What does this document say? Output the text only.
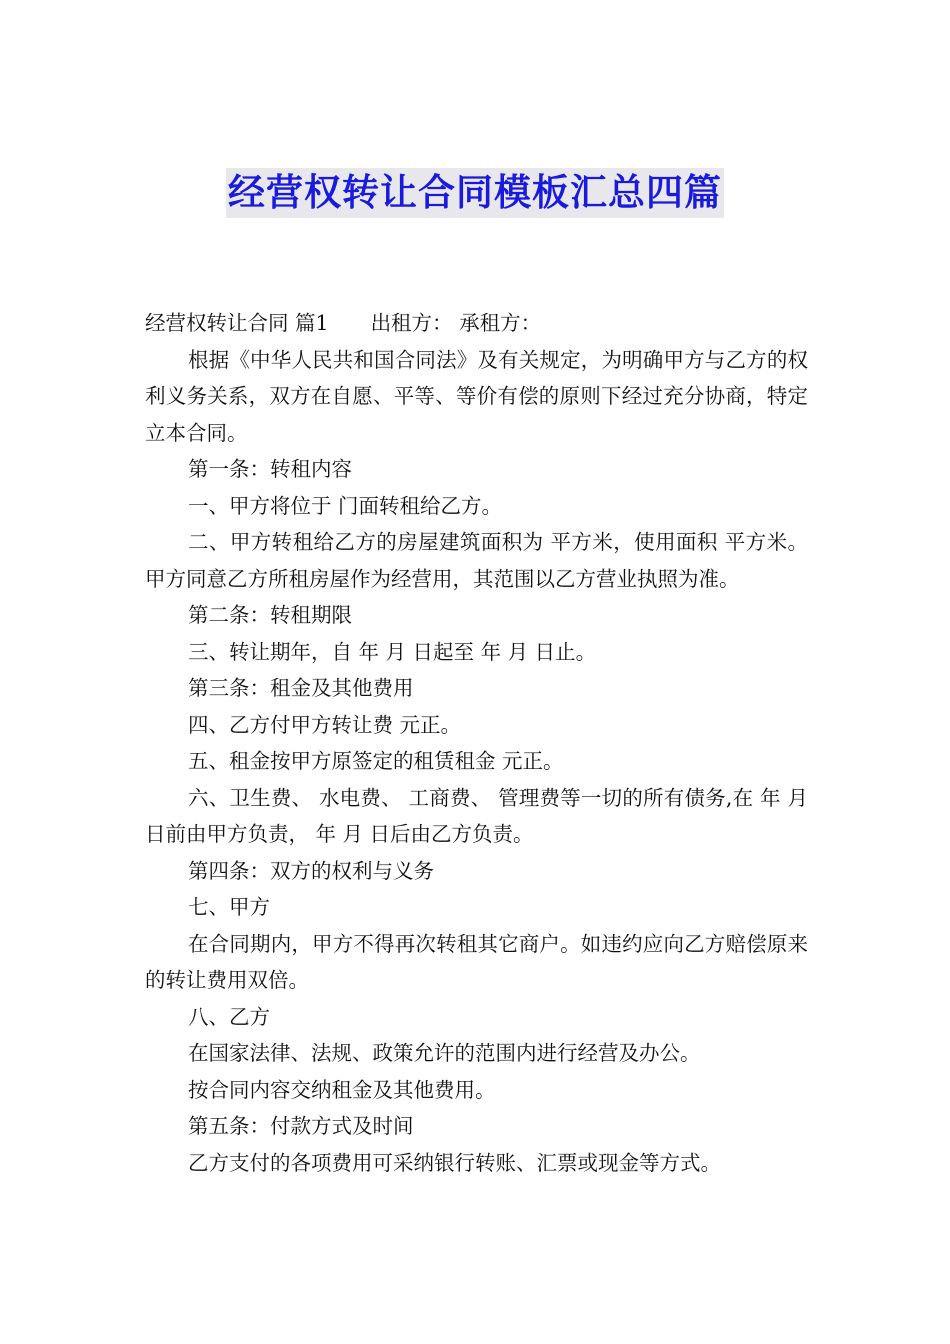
经营权转让合同模板汇总四篇

经营权转让合同 篇1 出租方： 承租方：

根据《中华人民共和国合同法》及有关规定，为明确甲方与乙方的权利义务关系，双方在自愿、平等、等价有偿的原则下经过充分协商，特定立本合同。

第一条：转租内容

一、甲方将位于 门面转租给乙方。

二、甲方转租给乙方的房屋建筑面积为 平方米，使用面积 平方米。甲方同意乙方所租房屋作为经营用，其范围以乙方营业执照为准。

第二条：转租期限

三、转让期年，自 年 月 日起至 年 月 日止。

第三条：租金及其他费用

四、乙方付甲方转让费 元正。

五、租金按甲方原签定的租赁租金 元正。

六、卫生费、 水电费、 工商费、 管理费等一切的所有债务,在 年 月 日前由甲方负责， 年 月 日后由乙方负责。

第四条：双方的权利与义务

七、甲方

在合同期内，甲方不得再次转租其它商户。如违约应向乙方赔偿原来的转让费用双倍。

八、乙方

在国家法律、法规、政策允许的范围内进行经营及办公。

按合同内容交纳租金及其他费用。

第五条：付款方式及时间

乙方支付的各项费用可采纳银行转账、汇票或现金等方式。
